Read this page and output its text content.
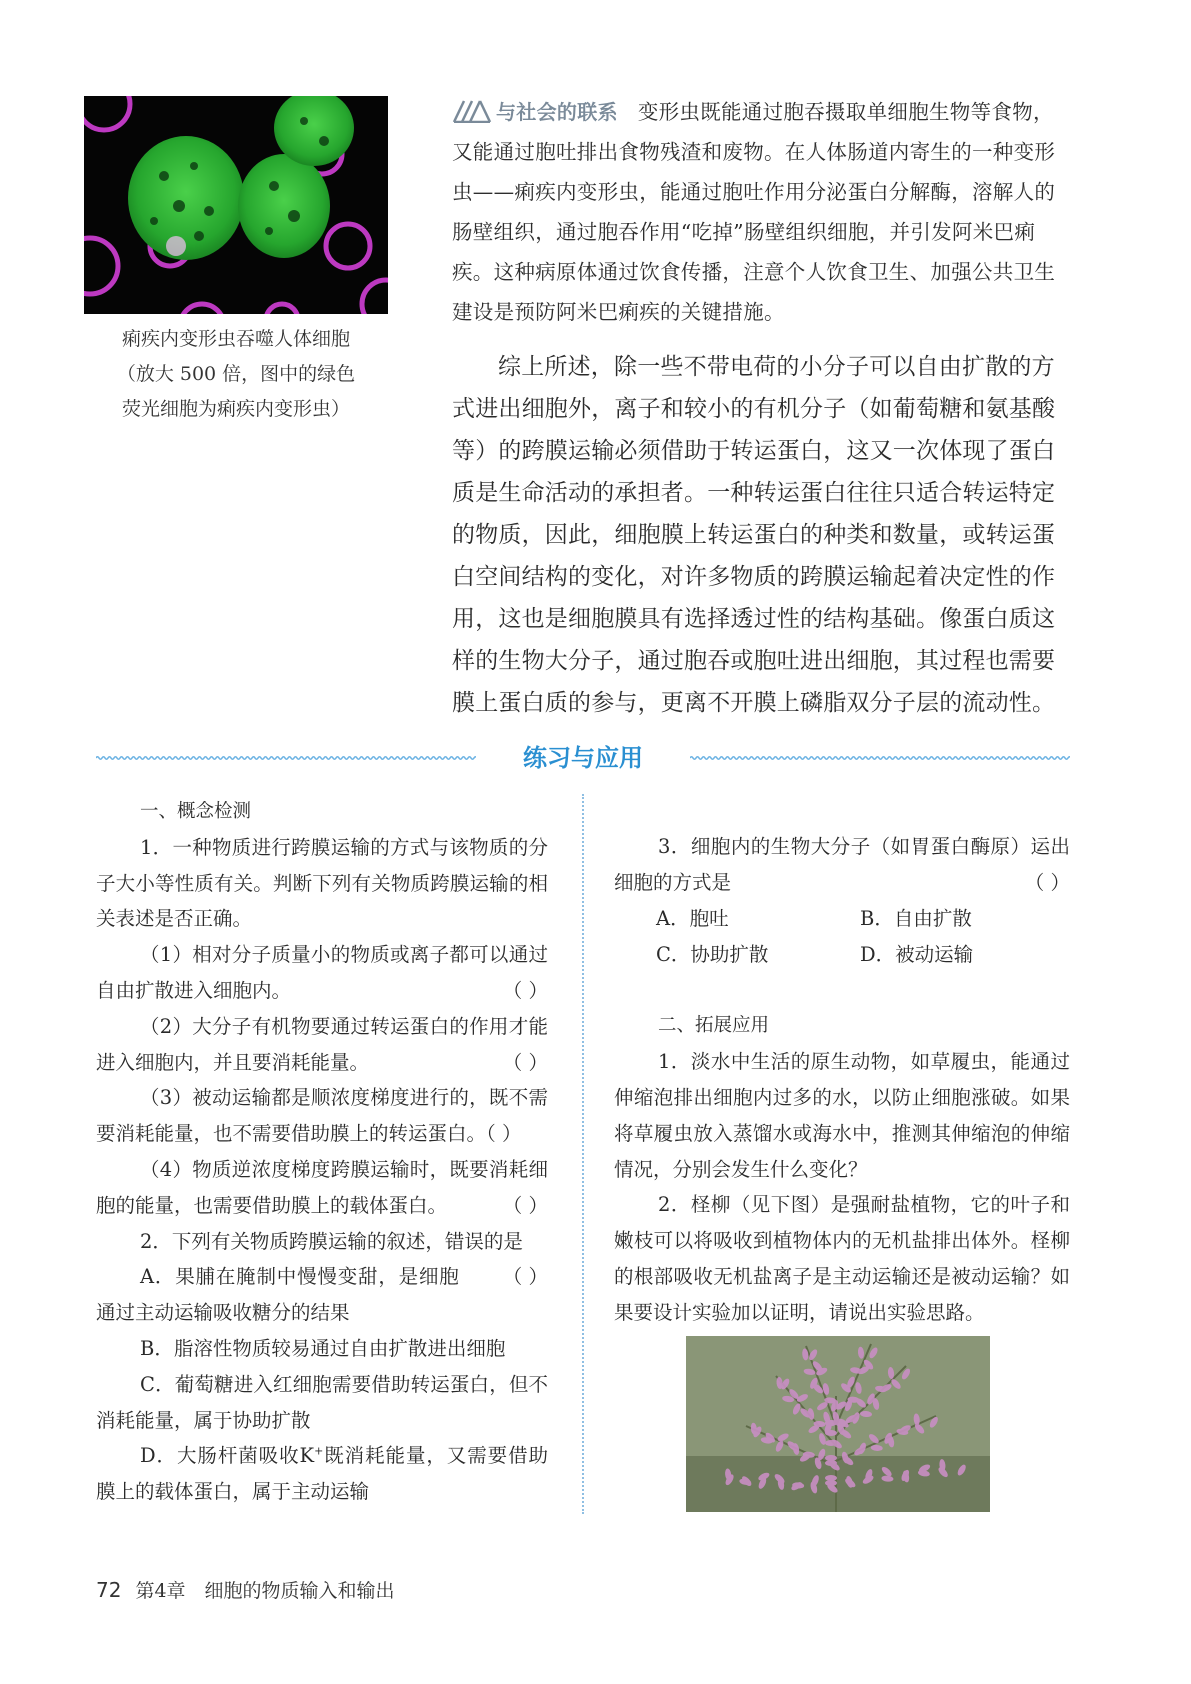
痢疾内变形虫吞噬人体细胞
（放大 500 倍，图中的绿色
荧光细胞为痢疾内变形虫）
与社会的联系 变形虫既能通过胞吞摄取单细胞生物等食物，又能通过胞吐排出食物残渣和废物。在人体肠道内寄生的一种变形虫——痢疾内变形虫，能通过胞吐作用分泌蛋白分解酶，溶解人的肠壁组织，通过胞吞作用“吃掉”肠壁组织细胞，并引发阿米巴痢疾。这种病原体通过饮食传播，注意个人饮食卫生、加强公共卫生建设是预防阿米巴痢疾的关键措施。
综上所述，除一些不带电荷的小分子可以自由扩散的方式进出细胞外，离子和较小的有机分子（如葡萄糖和氨基酸等）的跨膜运输必须借助于转运蛋白，这又一次体现了蛋白质是生命活动的承担者。一种转运蛋白往往只适合转运特定的物质，因此，细胞膜上转运蛋白的种类和数量，或转运蛋白空间结构的变化，对许多物质的跨膜运输起着决定性的作用，这也是细胞膜具有选择透过性的结构基础。像蛋白质这样的生物大分子，通过胞吞或胞吐进出细胞，其过程也需要膜上蛋白质的参与，更离不开膜上磷脂双分子层的流动性。
练习与应用
一、概念检测
1．一种物质进行跨膜运输的方式与该物质的分子大小等性质有关。判断下列有关物质跨膜运输的相关表述是否正确。
（1）相对分子质量小的物质或离子都可以通过自由扩散进入细胞内。	（ ）
（2）大分子有机物要通过转运蛋白的作用才能进入细胞内，并且要消耗能量。	（ ）
（3）被动运输都是顺浓度梯度进行的，既不需要消耗能量，也不需要借助膜上的转运蛋白。（ ）
（4）物质逆浓度梯度跨膜运输时，既要消耗细胞的能量，也需要借助膜上的载体蛋白。	（ ）
2．下列有关物质跨膜运输的叙述，错误的是
（ ）
A．果脯在腌制中慢慢变甜，是细胞通过主动运输吸收糖分的结果
B．脂溶性物质较易通过自由扩散进出细胞
C．葡萄糖进入红细胞需要借助转运蛋白，但不消耗能量，属于协助扩散
D．大肠杆菌吸收K+既消耗能量，又需要借助膜上的载体蛋白，属于主动运输
3．细胞内的生物大分子（如胃蛋白酶原）运出细胞的方式是	（ ）
A．胞吐	B．自由扩散
C．协助扩散	D．被动运输
二、拓展应用
1．淡水中生活的原生动物，如草履虫，能通过伸缩泡排出细胞内过多的水，以防止细胞涨破。如果将草履虫放入蒸馏水或海水中，推测其伸缩泡的伸缩情况，分别会发生什么变化？
2．柽柳（见下图）是强耐盐植物，它的叶子和嫩枝可以将吸收到植物体内的无机盐排出体外。柽柳的根部吸收无机盐离子是主动运输还是被动运输？如果要设计实验加以证明，请说出实验思路。
72 第4章　细胞的物质输入和输出
